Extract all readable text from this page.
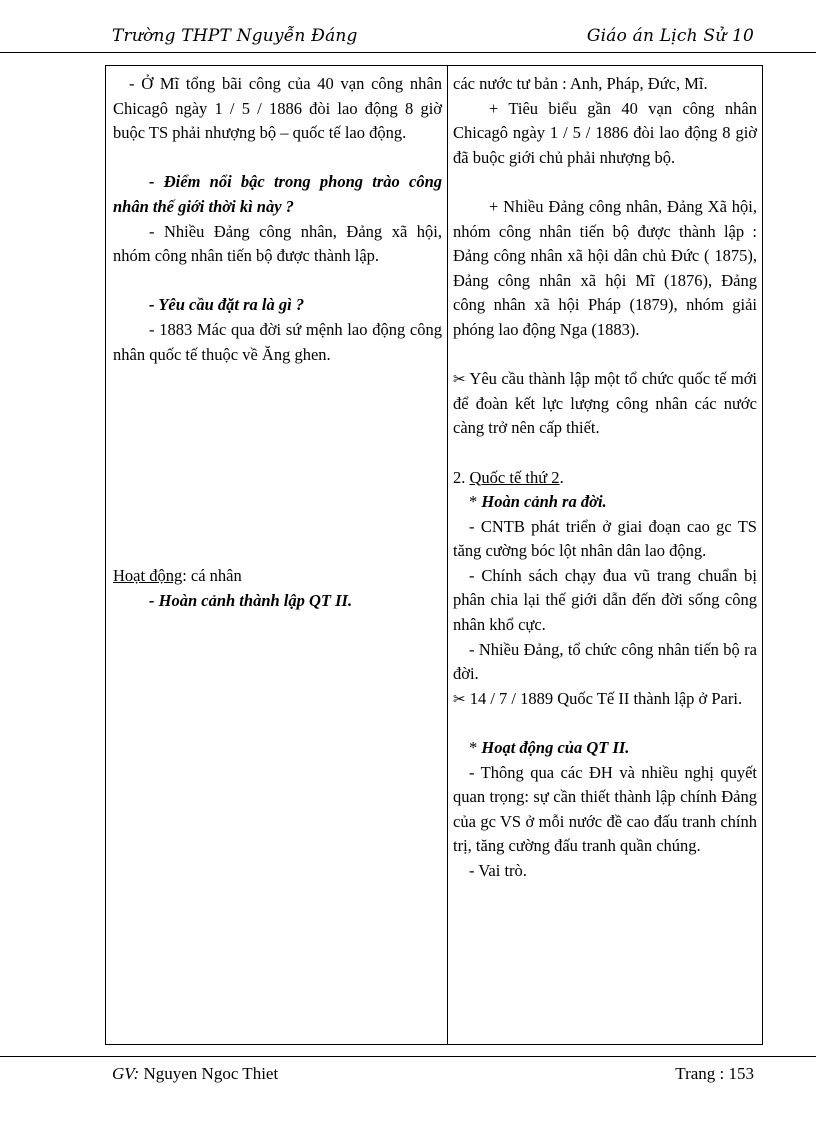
Trường THPT Nguyễn Đáng	Giáo án Lịch Sử 10

- Ở Mĩ tổng bãi công của 40 vạn công nhân Chicagô ngày 1 / 5 / 1886 đòi lao động 8 giờ buộc TS phải nhượng bộ – quốc tế lao động.

- Điểm nổi bậc trong phong trào công nhân thế giới thời kì này ?

- Nhiều Đảng công nhân, Đảng xã hội, nhóm công nhân tiến bộ được thành lập.

- Yêu cầu đặt ra là gì ?

- 1883 Mác qua đời sứ mệnh lao động công nhân quốc tế thuộc về Ăng ghen.

Hoạt động: cá nhân

- Hoàn cảnh thành lập QT II.

các nước tư bản : Anh, Pháp, Đức, Mĩ.

+ Tiêu biểu gần 40 vạn công nhân Chicagô ngày 1 / 5 / 1886 đòi lao động 8 giờ đã buộc giới chủ phải nhượng bộ.

+ Nhiều Đảng công nhân, Đảng Xã hội, nhóm công nhân tiến bộ được thành lập : Đảng công nhân xã hội dân chủ Đức ( 1875), Đảng công nhân xã hội Mĩ (1876), Đảng công nhân xã hội Pháp (1879), nhóm giải phóng lao động Nga (1883).

✂ Yêu cầu thành lập một tổ chức quốc tế mới để đoàn kết lực lượng công nhân các nước càng trở nên cấp thiết.

2. Quốc tế thứ 2.

* Hoàn cảnh ra đời.

- CNTB phát triển ở giai đoạn cao gc TS tăng cường bóc lột nhân dân lao động.

- Chính sách chạy đua vũ trang chuẩn bị phân chia lại thế giới dẫn đến đời sống công nhân khổ cực.

- Nhiều Đảng, tổ chức công nhân tiến bộ ra đời.

✂ 14 / 7 / 1889 Quốc Tế II thành lập ở Pari.

* Hoạt động của QT II.

- Thông qua các ĐH và nhiều nghị quyết quan trọng: sự cần thiết thành lập chính Đảng của gc VS ở mỗi nước đề cao đấu tranh chính trị, tăng cường đấu tranh quần chúng.

- Vai trò.

GV: Nguyen Ngoc Thiet	Trang : 153
